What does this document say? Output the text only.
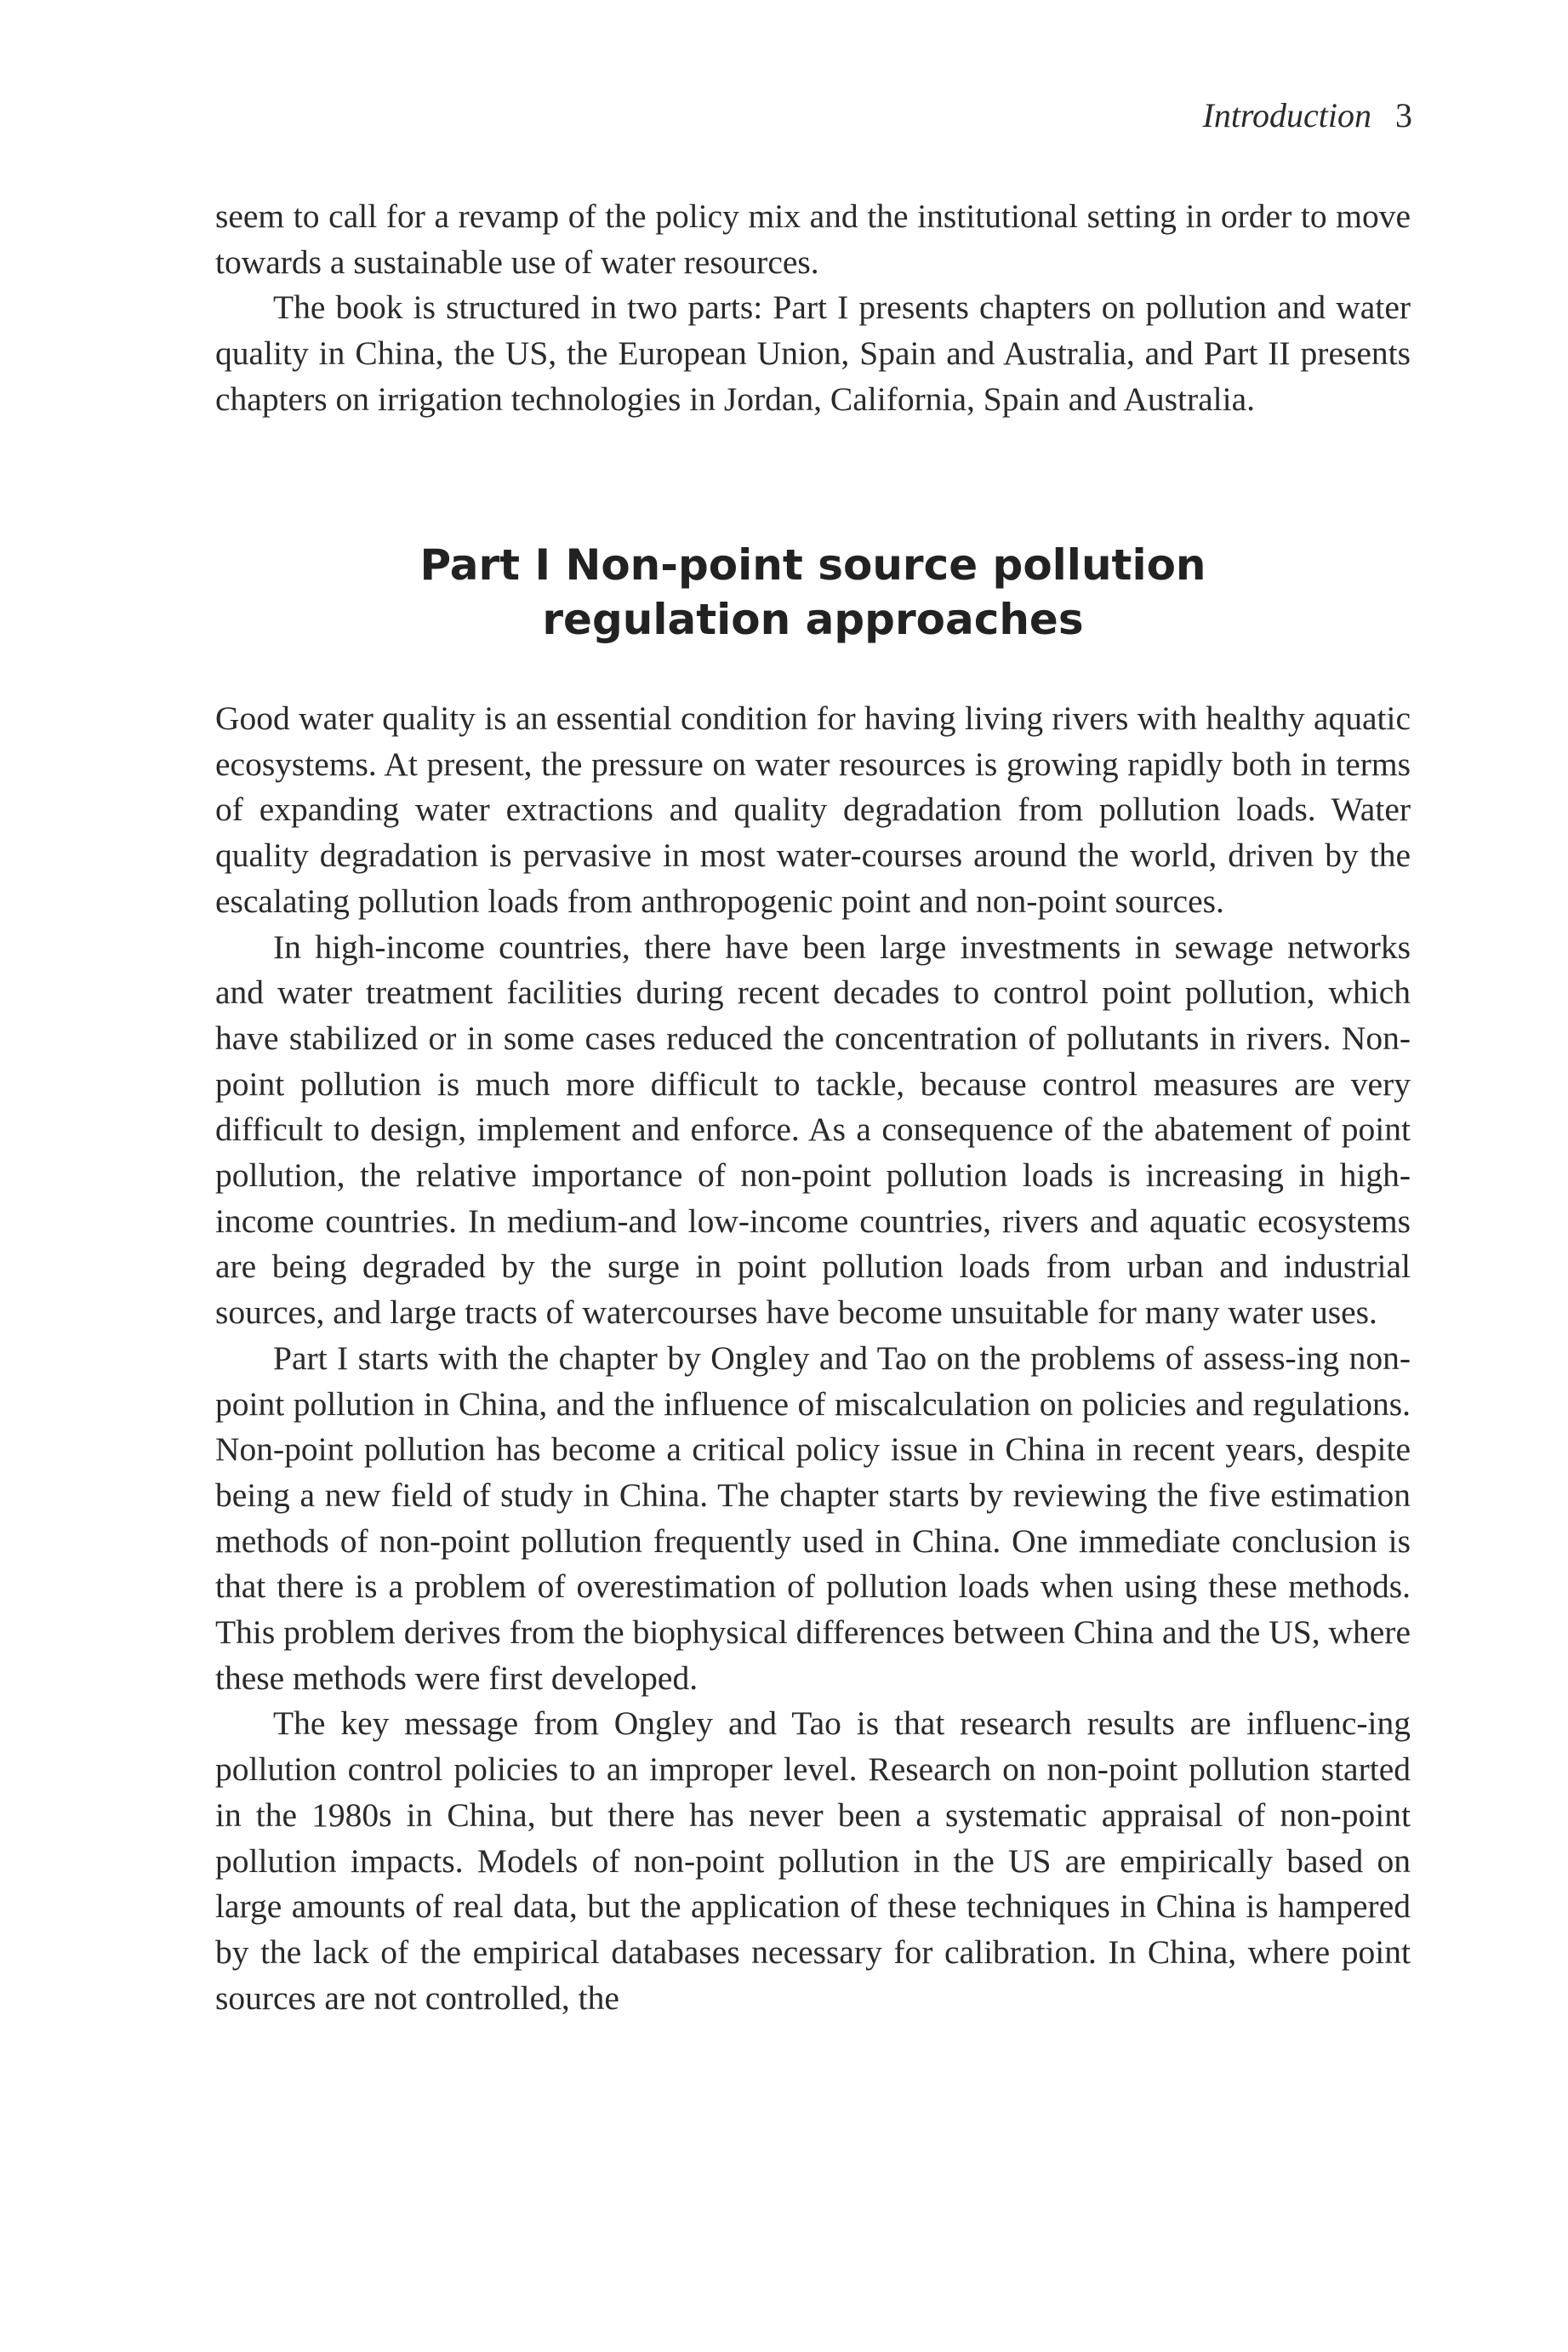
Introduction 3

seem to call for a revamp of the policy mix and the institutional setting in order to move towards a sustainable use of water resources.

The book is structured in two parts: Part I presents chapters on pollution and water quality in China, the US, the European Union, Spain and Australia, and Part II presents chapters on irrigation technologies in Jordan, California, Spain and Australia.

Part I Non-point source pollution
regulation approaches

Good water quality is an essential condition for having living rivers with healthy aquatic ecosystems. At present, the pressure on water resources is growing rapidly both in terms of expanding water extractions and quality degradation from pollution loads. Water quality degradation is pervasive in most water-courses around the world, driven by the escalating pollution loads from anthropogenic point and non-point sources.

In high-income countries, there have been large investments in sewage networks and water treatment facilities during recent decades to control point pollution, which have stabilized or in some cases reduced the concentration of pollutants in rivers. Non-point pollution is much more difficult to tackle, because control measures are very difficult to design, implement and enforce. As a consequence of the abatement of point pollution, the relative importance of non-point pollution loads is increasing in high-income countries. In medium-and low-income countries, rivers and aquatic ecosystems are being degraded by the surge in point pollution loads from urban and industrial sources, and large tracts of watercourses have become unsuitable for many water uses.

Part I starts with the chapter by Ongley and Tao on the problems of assess-ing non-point pollution in China, and the influence of miscalculation on policies and regulations. Non-point pollution has become a critical policy issue in China in recent years, despite being a new field of study in China. The chapter starts by reviewing the five estimation methods of non-point pollution frequently used in China. One immediate conclusion is that there is a problem of overestimation of pollution loads when using these methods. This problem derives from the biophysical differences between China and the US, where these methods were first developed.

The key message from Ongley and Tao is that research results are influenc-ing pollution control policies to an improper level. Research on non-point pollution started in the 1980s in China, but there has never been a systematic appraisal of non-point pollution impacts. Models of non-point pollution in the US are empirically based on large amounts of real data, but the application of these techniques in China is hampered by the lack of the empirical databases necessary for calibration. In China, where point sources are not controlled, the
